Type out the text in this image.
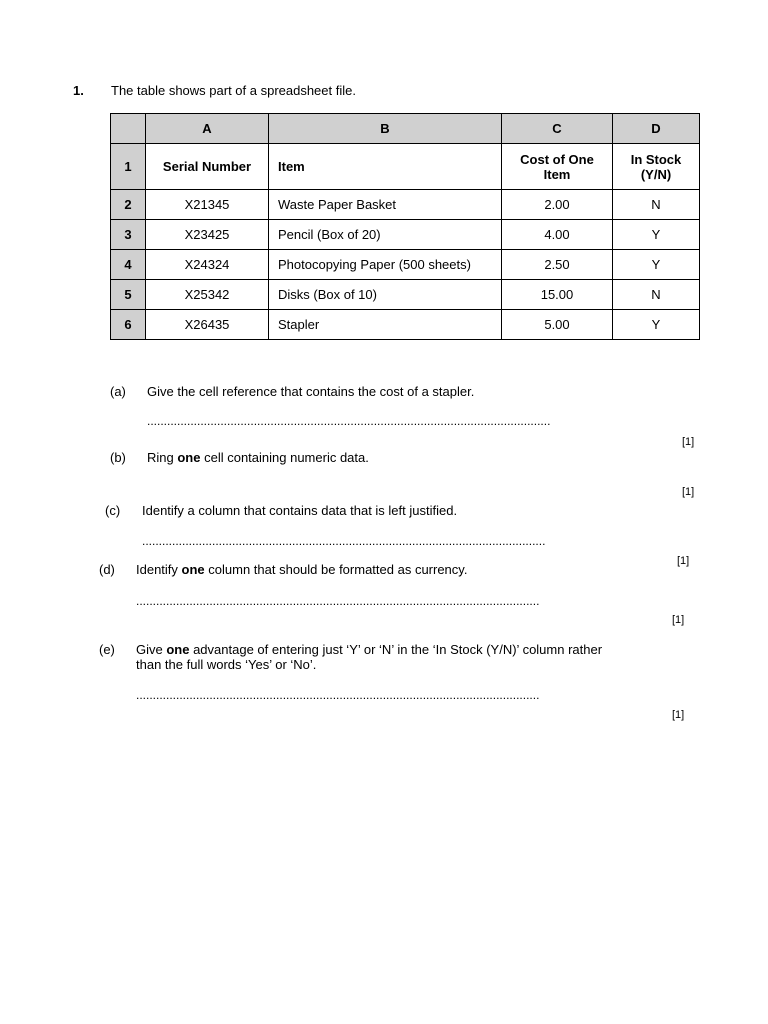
1. The table shows part of a spreadsheet file.
	A	B	C	D
1	Serial Number	Item	Cost of One Item	In Stock (Y/N)
2	X21345	Waste Paper Basket	2.00	N
3	X23425	Pencil (Box of 20)	4.00	Y
4	X24324	Photocopying Paper (500 sheets)	2.50	Y
5	X25342	Disks (Box of 10)	15.00	N
6	X26435	Stapler	5.00	Y
(a) Give the cell reference that contains the cost of a stapler.
.........................................................................................................................
[1]
(b) Ring one cell containing numeric data.
[1]
(c) Identify a column that contains data that is left justified.
.........................................................................................................................
[1]
(d) Identify one column that should be formatted as currency.
.........................................................................................................................
[1]
(e) Give one advantage of entering just ‘Y’ or ‘N’ in the ‘In Stock (Y/N)’ column rather
than the full words ‘Yes’ or ‘No’.
.........................................................................................................................
[1]
